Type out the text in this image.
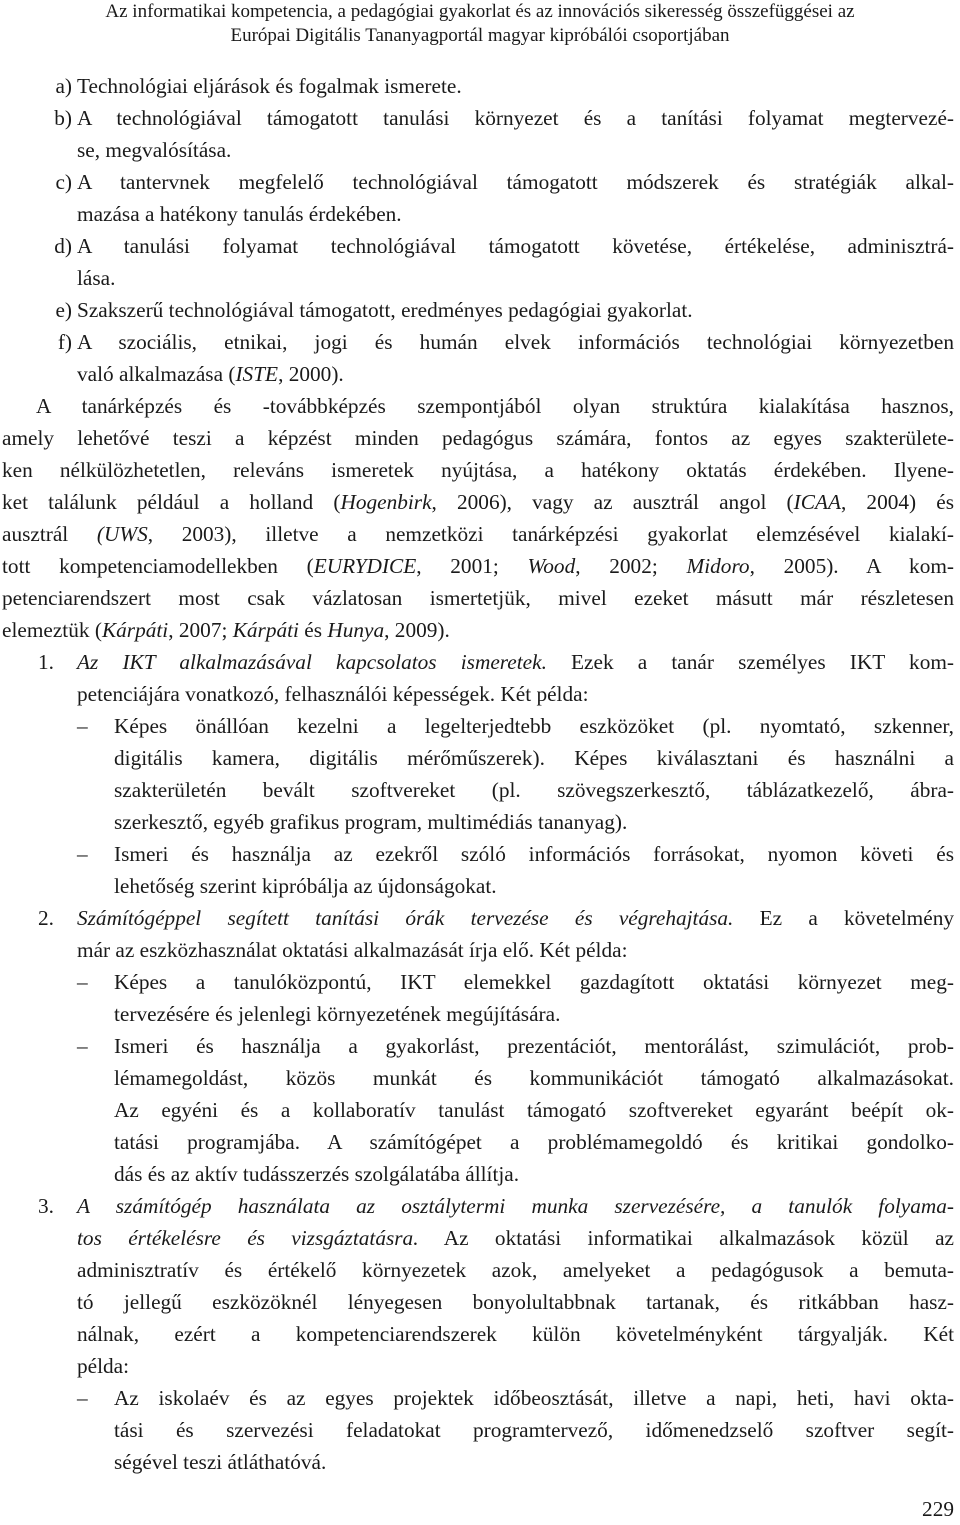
Az informatikai kompetencia, a pedagógiai gyakorlat és az innovációs sikeresség összefüggései az
Európai Digitális Tananyagportál magyar kipróbálói csoportjában
a) Technológiai eljárások és fogalmak ismerete.

b) A technológiával támogatott tanulási környezet és a tanítási folyamat megtervezé-

se, megvalósítása.

c) A tantervnek megfelelő technológiával támogatott módszerek és stratégiák alkal-

mazása a hatékony tanulás érdekében.

d) A tanulási folyamat technológiával támogatott követése, értékelése, adminisztrá-

lása.

e) Szakszerű technológiával támogatott, eredményes pedagógiai gyakorlat.

f) A szociális, etnikai, jogi és humán elvek információs technológiai környezetben

való alkalmazása (ISTE, 2000).

A tanárképzés és -továbbképzés szempontjából olyan struktúra kialakítása hasznos,

amely lehetővé teszi a képzést minden pedagógus számára, fontos az egyes szakterülete-

ken nélkülözhetetlen, releváns ismeretek nyújtása, a hatékony oktatás érdekében. Ilyene-

ket találunk például a holland (Hogenbirk, 2006), vagy az ausztrál angol (ICAA, 2004) és

ausztrál (UWS, 2003), illetve a nemzetközi tanárképzési gyakorlat elemzésével kialakí-

tott kompetenciamodellekben (EURYDICE, 2001; Wood, 2002; Midoro, 2005). A kom-

petenciarendszert most csak vázlatosan ismertetjük, mivel ezeket másutt már részletesen

elemeztük (Kárpáti, 2007; Kárpáti és Hunya, 2009).

1.	Az IKT alkalmazásával kapcsolatos ismeretek. Ezek a tanár személyes IKT kom-

petenciájára vonatkozó, felhasználói képességek. Két példa:

–	Képes önállóan kezelni a legelterjedtebb eszközöket (pl. nyomtató, szkenner,

digitális kamera, digitális mérőműszerek). Képes kiválasztani és használni a

szakterületén bevált szoftvereket (pl. szövegszerkesztő, táblázatkezelő, ábra-

szerkesztő, egyéb grafikus program, multimédiás tananyag).

–	Ismeri és használja az ezekről szóló információs forrásokat, nyomon követi és

lehetőség szerint kipróbálja az újdonságokat.

2.	Számítógéppel segített tanítási órák tervezése és végrehajtása. Ez a követelmény

már az eszközhasználat oktatási alkalmazását írja elő. Két példa:

–	Képes a tanulóközpontú, IKT elemekkel gazdagított oktatási környezet meg-

tervezésére és jelenlegi környezetének megújítására.

–	Ismeri és használja a gyakorlást, prezentációt, mentorálást, szimulációt, prob-

lémamegoldást, közös munkát és kommunikációt támogató alkalmazásokat.

Az egyéni és a kollaboratív tanulást támogató szoftvereket egyaránt beépít ok-

tatási programjába. A számítógépet a problémamegoldó és kritikai gondolko-

dás és az aktív tudásszerzés szolgálatába állítja.

3.	A számítógép használata az osztálytermi munka szervezésére, a tanulók folyama-

tos értékelésre és vizsgáztatásra. Az oktatási informatikai alkalmazások közül az

adminisztratív és értékelő környezetek azok, amelyeket a pedagógusok a bemuta-

tó jellegű eszközöknél lényegesen bonyolultabbnak tartanak, és ritkábban hasz-

nálnak, ezért a kompetenciarendszerek külön követelményként tárgyalják. Két

példa:

–	Az iskolaév és az egyes projektek időbeosztását, illetve a napi, heti, havi okta-

tási és szervezési feladatokat programtervező, időmenedzselő szoftver segít-

ségével teszi átláthatóvá.

229
